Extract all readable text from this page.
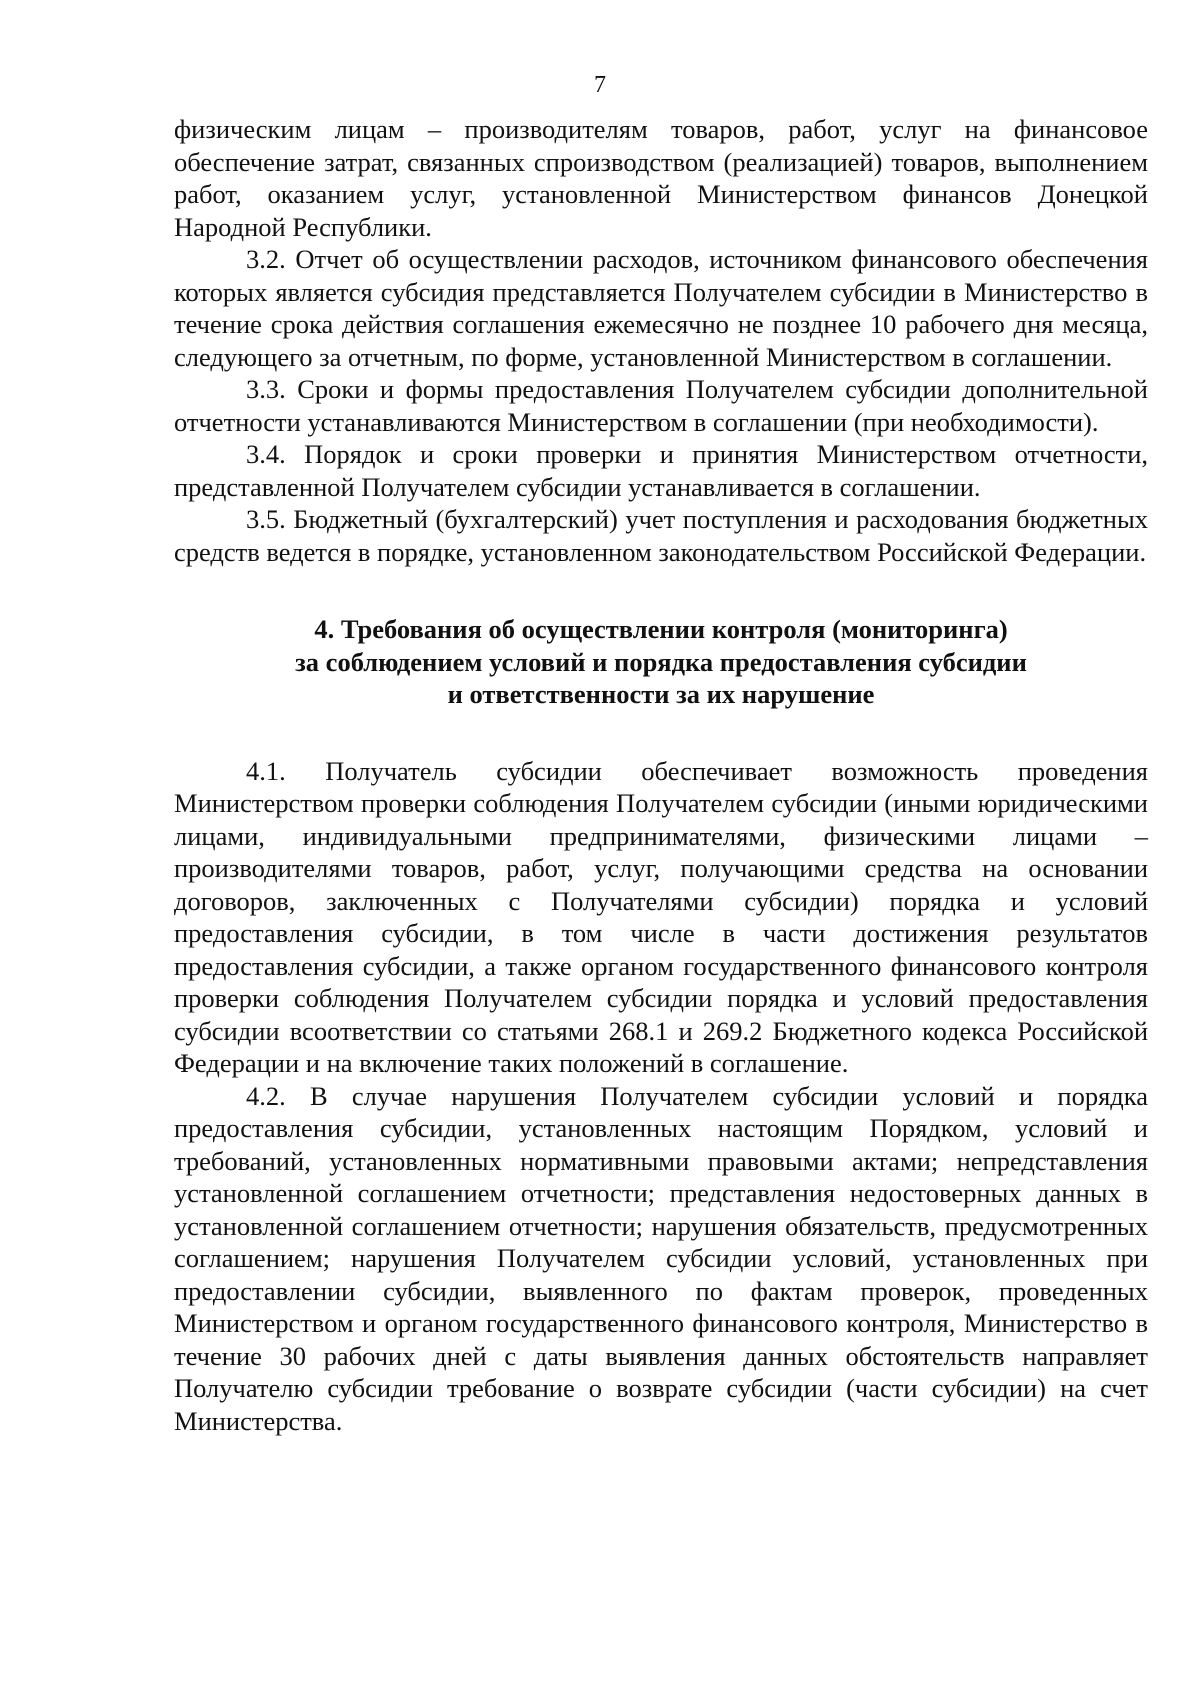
7

физическим лицам – производителям товаров, работ, услуг на финансовое обеспечение затрат, связанных спроизводством (реализацией) товаров, выполнением работ, оказанием услуг, установленной Министерством финансов Донецкой Народной Республики.

3.2. Отчет об осуществлении расходов, источником финансового обеспечения которых является субсидия представляется Получателем субсидии в Министерство в течение срока действия соглашения ежемесячно не позднее 10 рабочего дня месяца, следующего за отчетным, по форме, установленной Министерством в соглашении.

3.3. Сроки и формы предоставления Получателем субсидии дополнительной отчетности устанавливаются Министерством в соглашении (при необходимости).

3.4. Порядок и сроки проверки и принятия Министерством отчетности, представленной Получателем субсидии устанавливается в соглашении.

3.5. Бюджетный (бухгалтерский) учет поступления и расходования бюджетных средств ведется в порядке, установленном законодательством Российской Федерации.

4. Требования об осуществлении контроля (мониторинга)
за соблюдением условий и порядка предоставления субсидии
и ответственности за их нарушение

4.1. Получатель субсидии обеспечивает возможность проведения Министерством проверки соблюдения Получателем субсидии (иными юридическими лицами, индивидуальными предпринимателями, физическими лицами – производителями товаров, работ, услуг, получающими средства на основании договоров, заключенных с Получателями субсидии) порядка и условий предоставления субсидии, в том числе в части достижения результатов предоставления субсидии, а также органом государственного финансового контроля проверки соблюдения Получателем субсидии порядка и условий предоставления субсидии всоответствии со статьями 268.1 и 269.2 Бюджетного кодекса Российской Федерации и на включение таких положений в соглашение.

4.2. В случае нарушения Получателем субсидии условий и порядка предоставления субсидии, установленных настоящим Порядком, условий и требований, установленных нормативными правовыми актами; непредставления установленной соглашением отчетности; представления недостоверных данных в установленной соглашением отчетности; нарушения обязательств, предусмотренных соглашением; нарушения Получателем субсидии условий, установленных при предоставлении субсидии, выявленного по фактам проверок, проведенных Министерством и органом государственного финансового контроля, Министерство в течение 30 рабочих дней с даты выявления данных обстоятельств направляет Получателю субсидии требование о возврате субсидии (части субсидии) на счет Министерства.
